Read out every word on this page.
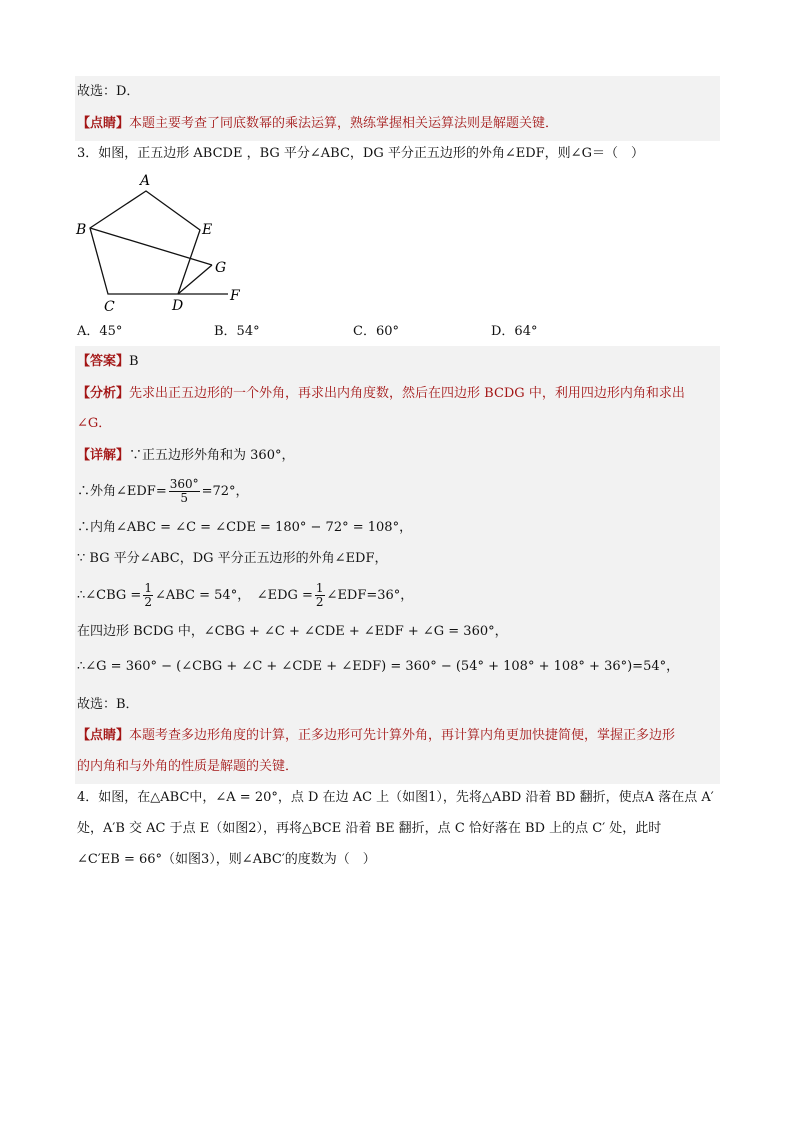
故选：D．
【点睛】本题主要考查了同底数幂的乘法运算，熟练掌握相关运算法则是解题关键．
3．如图，正五边形 ABCDE ，BG 平分∠ABC，DG 平分正五边形的外角∠EDF，则∠G＝（　）
A
B
C	D
E
F
G
A．45°	B．54°	C．60°	D．64°
【答案】B
【分析】先求出正五边形的一个外角，再求出内角度数，然后在四边形 BCDG 中，利用四边形内角和求出
∠G．
【详解】∵正五边形外角和为 360°，
∴外角∠EDF= $\frac{360^\circ}{5} =72^\circ$，
∴内角∠ABC = ∠C = ∠CDE = 180° − 72° = 108°，
∵ BG 平分∠ABC，DG 平分正五边形的外角∠EDF，
∴∠CBG = $\frac{1}{2}$ ∠ABC = 54°，　∠EDG = $\frac{1}{2}$ ∠EDF=36°，
在四边形 BCDG 中，∠CBG + ∠C + ∠CDE + ∠EDF + ∠G = 360°，
∴∠G = 360° − (∠CBG + ∠C + ∠CDE + ∠EDF) = 360° − (54° + 108° + 108° + 36°)=54°，
故选：B．
【点睛】本题考查多边形角度的计算，正多边形可先计算外角，再计算内角更加快捷简便，掌握正多边形
的内角和与外角的性质是解题的关键．
4．如图，在△ABC中，∠A = 20°，点 D 在边 AC 上（如图1），先将△ABD 沿着 BD 翻折，使点A 落在点 A′
处，A′B 交 AC 于点 E（如图2），再将△BCE 沿着 BE 翻折，点 C 恰好落在 BD 上的点 C′ 处，此时
∠C′EB = 66°（如图3），则∠ABC′的度数为（　）
